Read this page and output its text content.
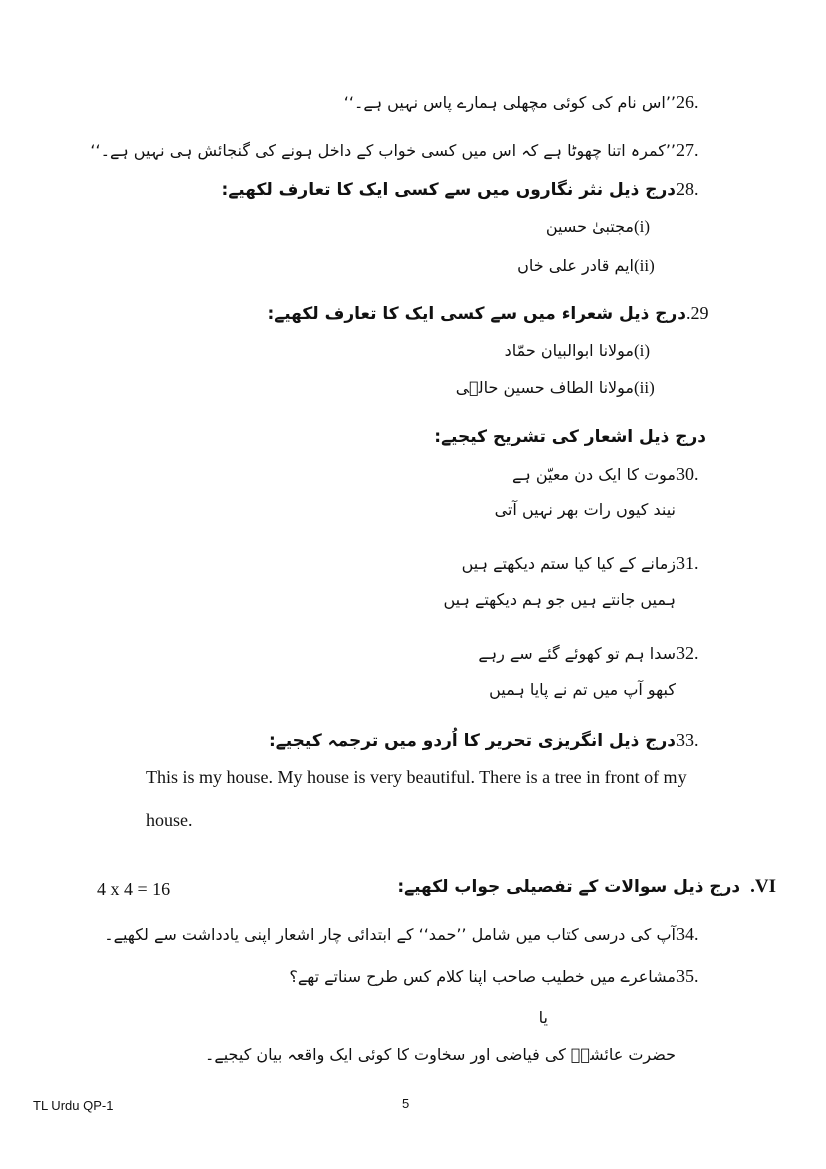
26.
’’اس نام کی کوئی مچھلی ہمارے پاس نہیں ہے۔‘‘
27.
’’کمرہ اتنا چھوٹا ہے کہ اس میں کسی خواب کے داخل ہونے کی گنجائش ہی نہیں ہے۔‘‘
28.
درج ذیل نثر نگاروں میں سے کسی ایک کا تعارف لکھیے:
(i)
مجتبیٰ حسین
(ii)
ایم قادر علی خاں
.29
درج ذیل شعراء میں سے کسی ایک کا تعارف لکھیے:
(i)
مولانا ابوالبیان حمّاد
(ii)
مولانا الطاف حسین حالؔی
درج ذیل اشعار کی تشریح کیجیے:
30.
موت کا ایک دن معیّن ہے
نیند کیوں رات بھر نہیں آتی
31.
زمانے کے کیا کیا ستم دیکھتے ہیں
ہمیں جانتے ہیں جو ہم دیکھتے ہیں
32.
سدا ہم تو کھوئے گئے سے رہے
کبھو آپ میں تم نے پایا ہمیں
33.
درج ذیل انگریزی تحریر کا اُردو میں ترجمہ کیجیے:
This is my house. My house is very beautiful. There is a tree in front of my house.
4 x 4 = 16	.VI
درج ذیل سوالات کے تفصیلی جواب لکھیے:
34.
آپ کی درسی کتاب میں شامل ’’حمد‘‘ کے ابتدائی چار اشعار اپنی یادداشت سے لکھیے۔
35.
مشاعرے میں خطیب صاحب اپنا کلام کس طرح سناتے تھے؟
یا
حضرت عائشہؓ کی فیاضی اور سخاوت کا کوئی ایک واقعہ بیان کیجیے۔
TL Urdu QP-1	5
